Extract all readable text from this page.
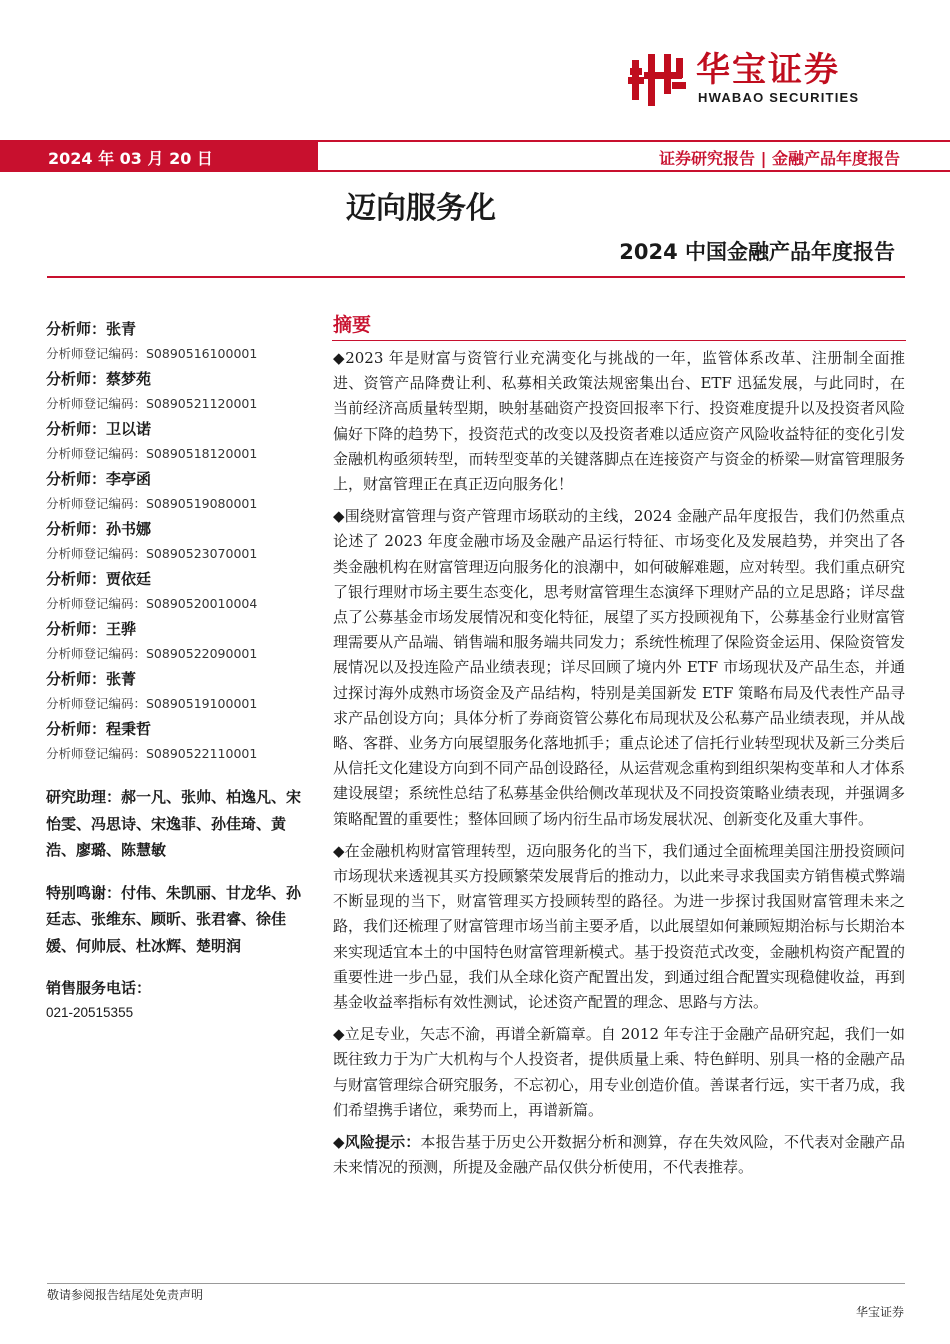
华宝证券
HWABAO SECURITIES
2024 年 03 月 20 日	证券研究报告 | 金融产品年度报告
迈向服务化
2024 中国金融产品年度报告
分析师：张青
分析师登记编码：S0890516100001
分析师：蔡梦苑
分析师登记编码：S0890521120001
分析师：卫以诺
分析师登记编码：S0890518120001
分析师：李亭函
分析师登记编码：S0890519080001
分析师：孙书娜
分析师登记编码：S0890523070001
分析师：贾依廷
分析师登记编码：S0890520010004
分析师：王骅
分析师登记编码：S0890522090001
分析师：张菁
分析师登记编码：S0890519100001
分析师：程秉哲
分析师登记编码：S0890522110001
研究助理：郝一凡、张帅、柏逸凡、宋怡雯、冯思诗、宋逸菲、孙佳琦、黄浩、廖璐、陈慧敏
特别鸣谢：付伟、朱凯丽、甘龙华、孙廷志、张维东、顾昕、张君睿、徐佳媛、何帅辰、杜冰辉、楚明润
销售服务电话：
021-20515355
摘要

◆2023 年是财富与资管行业充满变化与挑战的一年，监管体系改革、注册制全面推进、资管产品降费让利、私募相关政策法规密集出台、ETF 迅猛发展，与此同时，在当前经济高质量转型期，映射基础资产投资回报率下行、投资难度提升以及投资者风险偏好下降的趋势下，投资范式的改变以及投资者难以适应资产风险收益特征的变化引发金融机构亟须转型，而转型变革的关键落脚点在连接资产与资金的桥梁—财富管理服务上，财富管理正在真正迈向服务化！

◆围绕财富管理与资产管理市场联动的主线，2024 金融产品年度报告，我们仍然重点论述了 2023 年度金融市场及金融产品运行特征、市场变化及发展趋势，并突出了各类金融机构在财富管理迈向服务化的浪潮中，如何破解难题，应对转型。我们重点研究了银行理财市场主要生态变化，思考财富管理生态演绎下理财产品的立足思路；详尽盘点了公募基金市场发展情况和变化特征，展望了买方投顾视角下，公募基金行业财富管理需要从产品端、销售端和服务端共同发力；系统性梳理了保险资金运用、保险资管发展情况以及投连险产品业绩表现；详尽回顾了境内外 ETF 市场现状及产品生态，并通过探讨海外成熟市场资金及产品结构，特别是美国新发 ETF 策略布局及代表性产品寻求产品创设方向；具体分析了券商资管公募化布局现状及公私募产品业绩表现，并从战略、客群、业务方向展望服务化落地抓手；重点论述了信托行业转型现状及新三分类后从信托文化建设方向到不同产品创设路径，从运营观念重构到组织架构变革和人才体系建设展望；系统性总结了私募基金供给侧改革现状及不同投资策略业绩表现，并强调多策略配置的重要性；整体回顾了场内衍生品市场发展状况、创新变化及重大事件。

◆在金融机构财富管理转型，迈向服务化的当下，我们通过全面梳理美国注册投资顾问市场现状来透视其买方投顾繁荣发展背后的推动力，以此来寻求我国卖方销售模式弊端不断显现的当下，财富管理买方投顾转型的路径。为进一步探讨我国财富管理未来之路，我们还梳理了财富管理市场当前主要矛盾，以此展望如何兼顾短期治标与长期治本来实现适宜本土的中国特色财富管理新模式。基于投资范式改变，金融机构资产配置的重要性进一步凸显，我们从全球化资产配置出发，到通过组合配置实现稳健收益，再到基金收益率指标有效性测试，论述资产配置的理念、思路与方法。

◆立足专业，矢志不渝，再谱全新篇章。自 2012 年专注于金融产品研究起，我们一如既往致力于为广大机构与个人投资者，提供质量上乘、特色鲜明、别具一格的金融产品与财富管理综合研究服务，不忘初心，用专业创造价值。善谋者行远，实干者乃成，我们希望携手诸位，乘势而上，再谱新篇。

◆风险提示：本报告基于历史公开数据分析和测算，存在失效风险，不代表对金融产品未来情况的预测，所提及金融产品仅供分析使用，不代表推荐。

敬请参阅报告结尾处免责声明
华宝证券
